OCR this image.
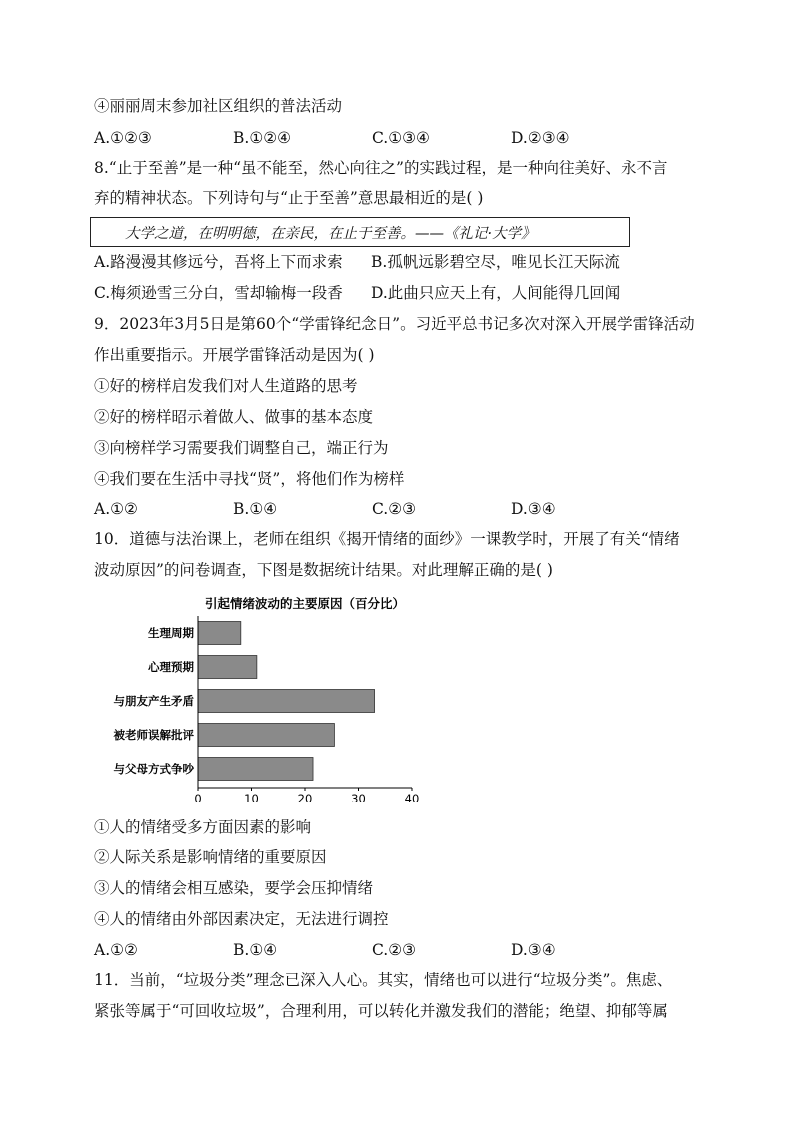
④丽丽周末参加社区组织的普法活动
A.①②③	B.①②④	C.①③④	D.②③④
8.“止于至善”是一种“虽不能至，然心向往之”的实践过程，是一种向往美好、永不言
弃的精神状态。下列诗句与“止于至善”意思最相近的是( )
大学之道，在明明德，在亲民，在止于至善。——《礼记·大学》
A.路漫漫其修远兮，吾将上下而求索 B.孤帆远影碧空尽，唯见长江天际流
C.梅须逊雪三分白，雪却输梅一段香 D.此曲只应天上有，人间能得几回闻
9．2023年3月5日是第60个“学雷锋纪念日”。习近平总书记多次对深入开展学雷锋活动
作出重要指示。开展学雷锋活动是因为( )
①好的榜样启发我们对人生道路的思考
②好的榜样昭示着做人、做事的基本态度
③向榜样学习需要我们调整自己，端正行为
④我们要在生活中寻找“贤”，将他们作为榜样
A.①②	B.①④	C.②③	D.③④
10．道德与法治课上，老师在组织《揭开情绪的面纱》一课教学时，开展了有关“情绪
波动原因”的问卷调查，下图是数据统计结果。对此理解正确的是( )
引起情绪波动的主要原因（百分比）
生理周期
心理预期
与朋友产生矛盾
被老师误解批评
与父母方式争吵
0	10	20	30	40
①人的情绪受多方面因素的影响
②人际关系是影响情绪的重要原因
③人的情绪会相互感染，要学会压抑情绪
④人的情绪由外部因素决定，无法进行调控
A.①②	B.①④	C.②③	D.③④
11．当前，“垃圾分类”理念已深入人心。其实，情绪也可以进行“垃圾分类”。焦虑、
紧张等属于“可回收垃圾”，合理利用，可以转化并激发我们的潜能；绝望、抑郁等属
